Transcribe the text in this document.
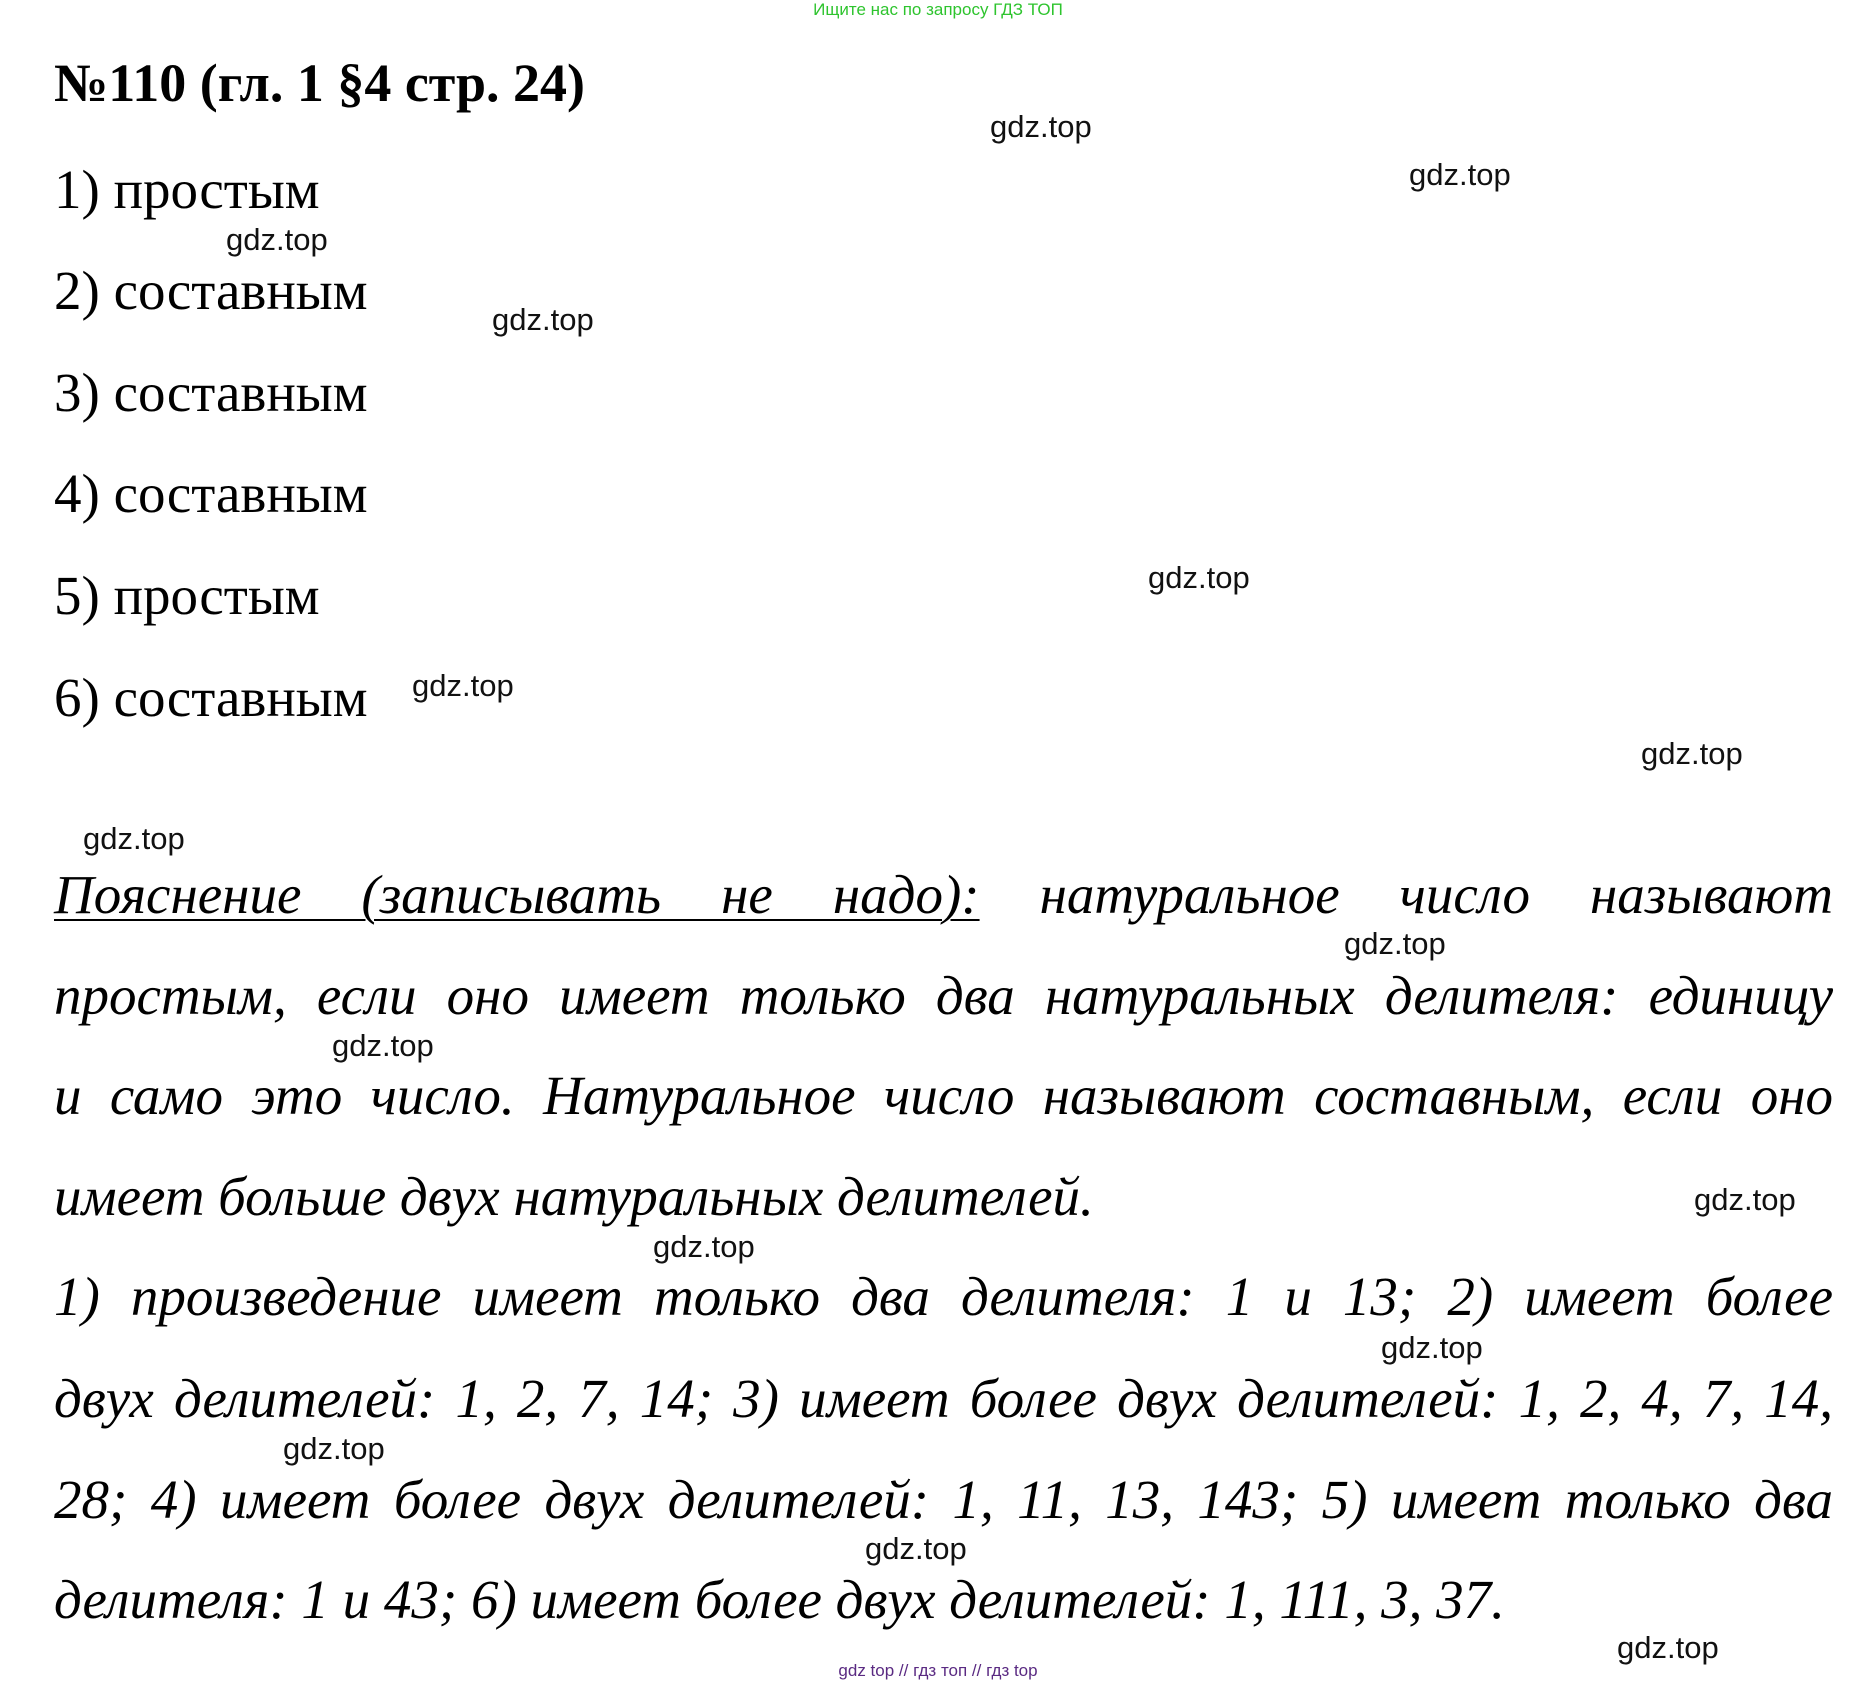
Ищите нас по запросу ГДЗ ТОП
№110 (гл. 1 §4 стр. 24)
1) простым
2) составным
3) составным
4) составным
5) простым
6) составным
Пояснение (записывать не надо): натуральное число называют
простым, если оно имеет только два натуральных делителя: единицу
и само это число. Натуральное число называют составным, если оно
имеет больше двух натуральных делителей.
1) произведение имеет только два делителя: 1 и 13; 2) имеет более
двух делителей: 1, 2, 7, 14; 3) имеет более двух делителей: 1, 2, 4, 7, 14,
28; 4) имеет более двух делителей: 1, 11, 13, 143; 5) имеет только два
делителя: 1 и 43; 6) имеет более двух делителей: 1, 111, 3, 37.
gdz.top
gdz.top
gdz.top
gdz.top
gdz.top
gdz.top
gdz.top
gdz.top
gdz.top
gdz.top
gdz.top
gdz.top
gdz.top
gdz.top
gdz.top
gdz.top
gdz top // гдз топ // гдз top
